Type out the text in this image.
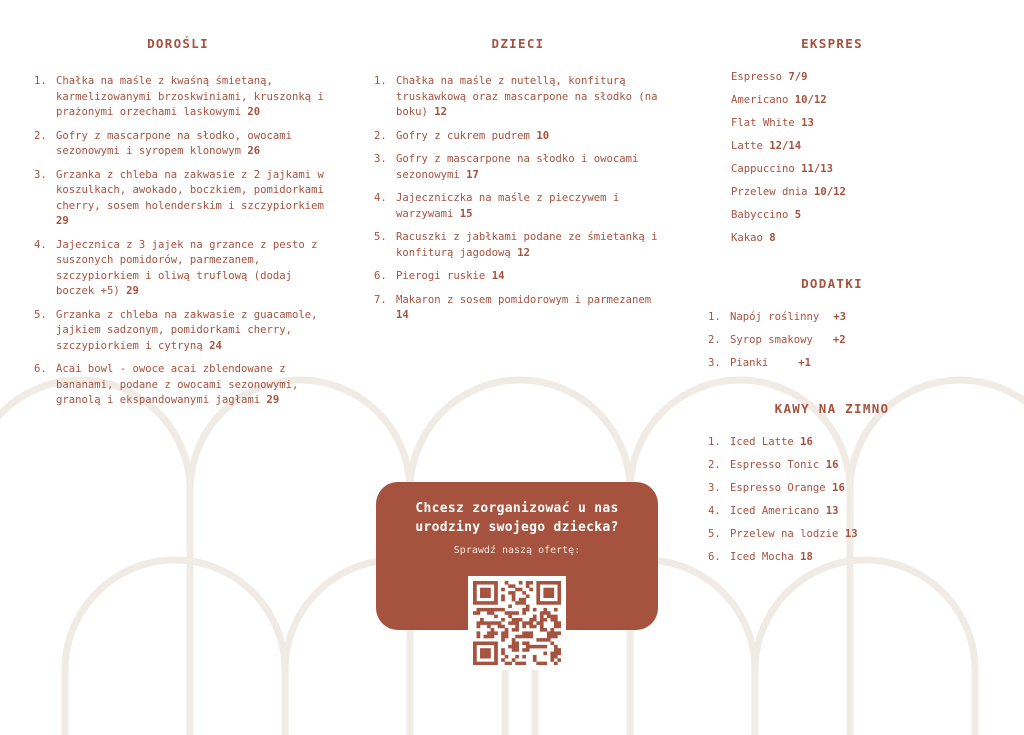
DOROŚLI
1. Chałka na maśle z kwaśną śmietaną, karmelizowanymi brzoskwiniami, kruszonką i prażonymi orzechami laskowymi 20
2. Gofry z mascarpone na słodko, owocami sezonowymi i syropem klonowym 26
3. Grzanka z chleba na zakwasie z 2 jajkami w koszulkach, awokado, boczkiem, pomidorkami cherry, sosem holenderskim i szczypiorkiem 29
4. Jajecznica z 3 jajek na grzance z pesto z suszonych pomidorów, parmezanem, szczypiorkiem i oliwą truflową (dodaj boczek +5) 29
5. Grzanka z chleba na zakwasie z guacamole, jajkiem sadzonym, pomidorkami cherry, szczypiorkiem i cytryną 24
6. Acai bowl - owoce acai zblendowane z bananami, podane z owocami sezonowymi, granolą i ekspandowanymi jagłami 29
DZIECI
1. Chałka na maśle z nutellą, konfiturą truskawkową oraz mascarpone na słodko (na boku) 12
2. Gofry z cukrem pudrem 10
3. Gofry z mascarpone na słodko i owocami sezonowymi 17
4. Jajeczniczka na maśle z pieczywem i warzywami 15
5. Racuszki z jabłkami podane ze śmietanką i konfiturą jagodową 12
6. Pierogi ruskie 14
7. Makaron z sosem pomidorowym i parmezanem 14
EKSPRES
Espresso 7/9
Americano 10/12
Flat White 13
Latte 12/14
Cappuccino 11/13
Przelew dnia 10/12
Babyccino 5
Kakao 8
DODATKI
1. Napój roślinny +3
2. Syrop smakowy +2
3. Pianki	+1
KAWY NA ZIMNO
1. Iced Latte
16
2. Espresso Tonic
16
3. Espresso Orange
16
4. Iced Americano
13
5. Przelew na lodzie
13
6. Iced Mocha
18
Chcesz zorganizować u nas
urodziny swojego dziecka?
Sprawdź naszą ofertę:
